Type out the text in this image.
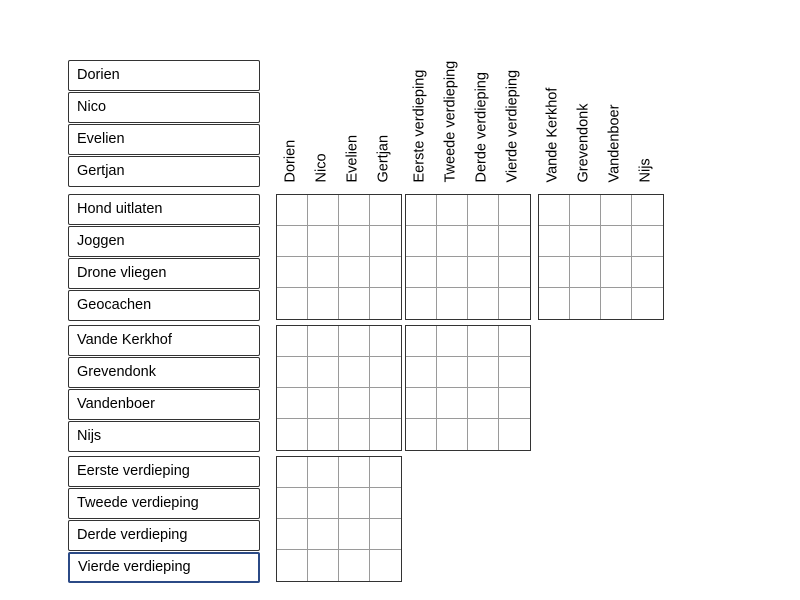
Dorien
Nico
Evelien
Gertjan
Hond uitlaten
Joggen
Drone vliegen
Geocachen
Vande Kerkhof
Grevendonk
Vandenboer
Nijs
Eerste verdieping
Tweede verdieping
Derde verdieping
Vierde verdieping
Dorien Nico Evelien Gertjan Eerste verdieping Tweede verdieping Derde verdieping Vierde verdieping Vande Kerkhof Grevendonk Vandenboer Nijs
